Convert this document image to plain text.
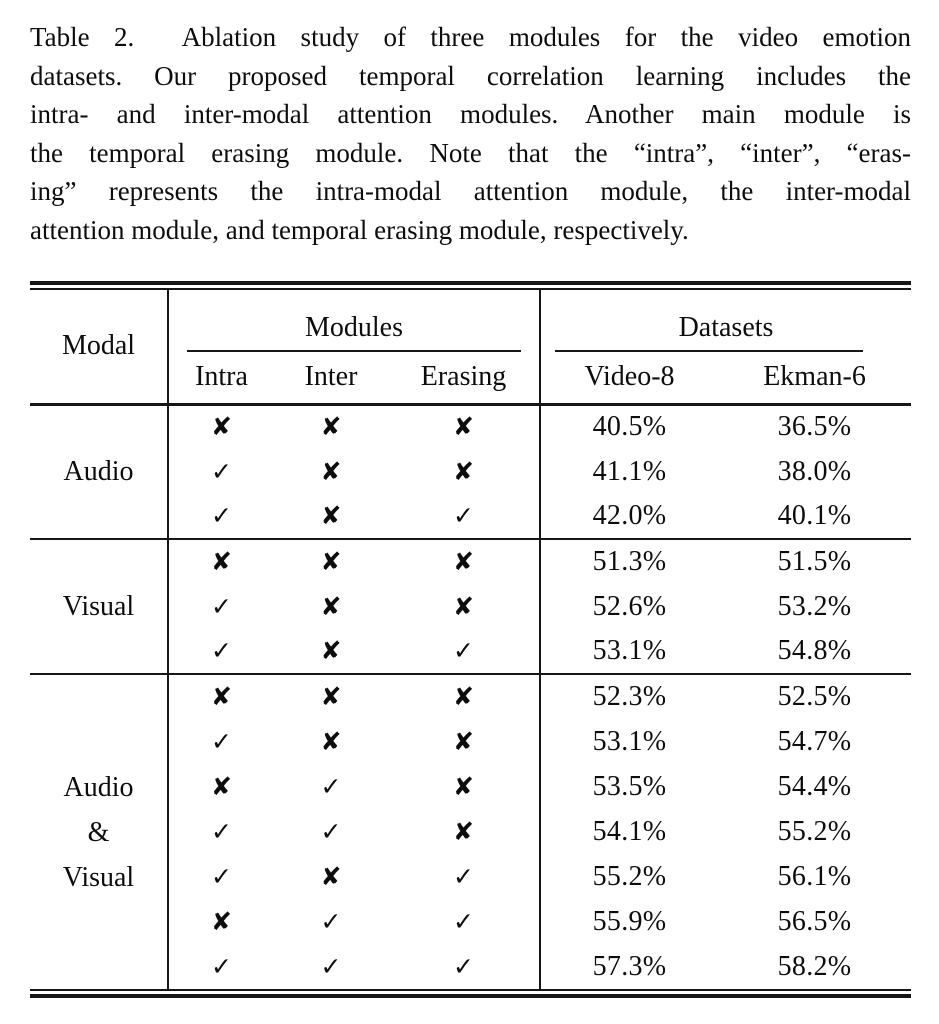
Table 2.  Ablation study of three modules for the video emotion
datasets. Our proposed temporal correlation learning includes the
intra- and inter-modal attention modules. Another main module is
the temporal erasing module. Note that the “intra”, “inter”, “eras-
ing” represents the intra-modal attention module, the inter-modal
attention module, and temporal erasing module, respectively.
Modal	Modules			Datasets	

	Intra	Inter	Erasing	Video-8	Ekman-6

Audio	✘	✘	✘	40.5%	36.5%
	✓	✘	✘	41.1%	38.0%
	✓	✘	✓	42.0%	40.1%

Visual	✘	✘	✘	51.3%	51.5%
	✓	✘	✘	52.6%	53.2%
	✓	✘	✓	53.1%	54.8%

Audio
&
Visual	✘	✘	✘	52.3%	52.5%
	✓	✘	✘	53.1%	54.7%
	✘	✓	✘	53.5%	54.4%
	✓	✓	✘	54.1%	55.2%
	✓	✘	✓	55.2%	56.1%
	✘	✓	✓	55.9%	56.5%
	✓	✓	✓	57.3%	58.2%
